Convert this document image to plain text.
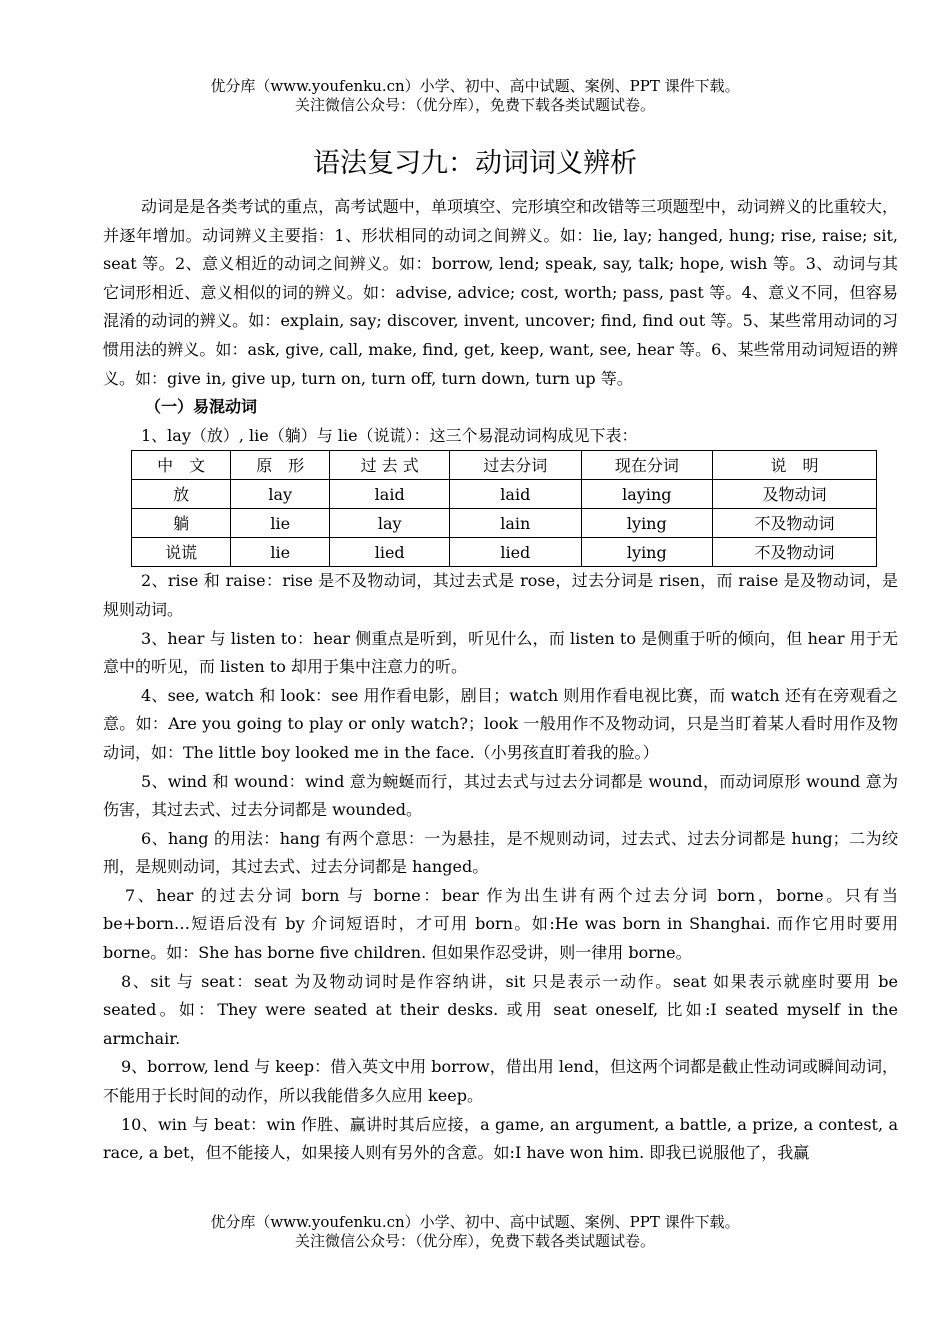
优分库（www.youfenku.cn）小学、初中、高中试题、案例、PPT 课件下载。
关注微信公众号：（优分库），免费下载各类试题试卷。
语法复习九：动词词义辨析

动词是是各类考试的重点，高考试题中，单项填空、完形填空和改错等三项题型中，动词辨义的比重较大，并逐年增加。动词辨义主要指：1、形状相同的动词之间辨义。如：lie, lay; hanged, hung; rise, raise; sit, seat 等。2、意义相近的动词之间辨义。如：borrow, lend; speak, say, talk; hope, wish 等。3、动词与其它词形相近、意义相似的词的辨义。如：advise, advice; cost, worth; pass, past 等。4、意义不同，但容易混淆的动词的辨义。如：explain, say; discover, invent, uncover; find, find out 等。5、某些常用动词的习惯用法的辨义。如：ask, give, call, make, find, get, keep, want, see, hear 等。6、某些常用动词短语的辨义。如：give in, give up, turn on, turn off, turn down, turn up 等。

（一）易混动词

1、lay（放）, lie（躺）与 lie（说谎）：这三个易混动词构成见下表：

中　文	原　形	过 去 式	过去分词	现在分词	说　明
放	lay	laid	laid	laying	及物动词
躺	lie	lay	lain	lying	不及物动词
说谎	lie	lied	lied	lying	不及物动词

2、rise 和 raise：rise 是不及物动词，其过去式是 rose，过去分词是 risen，而 raise 是及物动词，是规则动词。

3、hear 与 listen to：hear 侧重点是听到，听见什么，而 listen to 是侧重于听的倾向，但 hear 用于无意中的听见，而 listen to 却用于集中注意力的听。

4、see, watch 和 look：see 用作看电影，剧目；watch 则用作看电视比赛，而 watch 还有在旁观看之意。如：Are you going to play or only watch?；look 一般用作不及物动词，只是当盯着某人看时用作及物动词，如：The little boy looked me in the face.（小男孩直盯着我的脸。）

5、wind 和 wound：wind 意为蜿蜒而行，其过去式与过去分词都是 wound，而动词原形 wound 意为伤害，其过去式、过去分词都是 wounded。

6、hang 的用法：hang 有两个意思：一为悬挂，是不规则动词，过去式、过去分词都是 hung；二为绞刑，是规则动词，其过去式、过去分词都是 hanged。

7、hear 的过去分词 born 与 borne：bear 作为出生讲有两个过去分词 born，borne。只有当 be+born…短语后没有 by 介词短语时，才可用 born。如:He was born in Shanghai. 而作它用时要用 borne。如：She has borne five children. 但如果作忍受讲，则一律用 borne。

8、sit 与 seat：seat 为及物动词时是作容纳讲，sit 只是表示一动作。seat 如果表示就座时要用 be seated。如：They were seated at their desks. 或用 seat oneself, 比如:I seated myself in the armchair.

9、borrow, lend 与 keep：借入英文中用 borrow，借出用 lend，但这两个词都是截止性动词或瞬间动词，不能用于长时间的动作，所以我能借多久应用 keep。

10、win 与 beat：win 作胜、赢讲时其后应接，a game, an argument, a battle, a prize, a contest, a race, a bet，但不能接人，如果接人则有另外的含意。如:I have won him. 即我已说服他了，我赢

优分库（www.youfenku.cn）小学、初中、高中试题、案例、PPT 课件下载。
关注微信公众号：（优分库），免费下载各类试题试卷。
